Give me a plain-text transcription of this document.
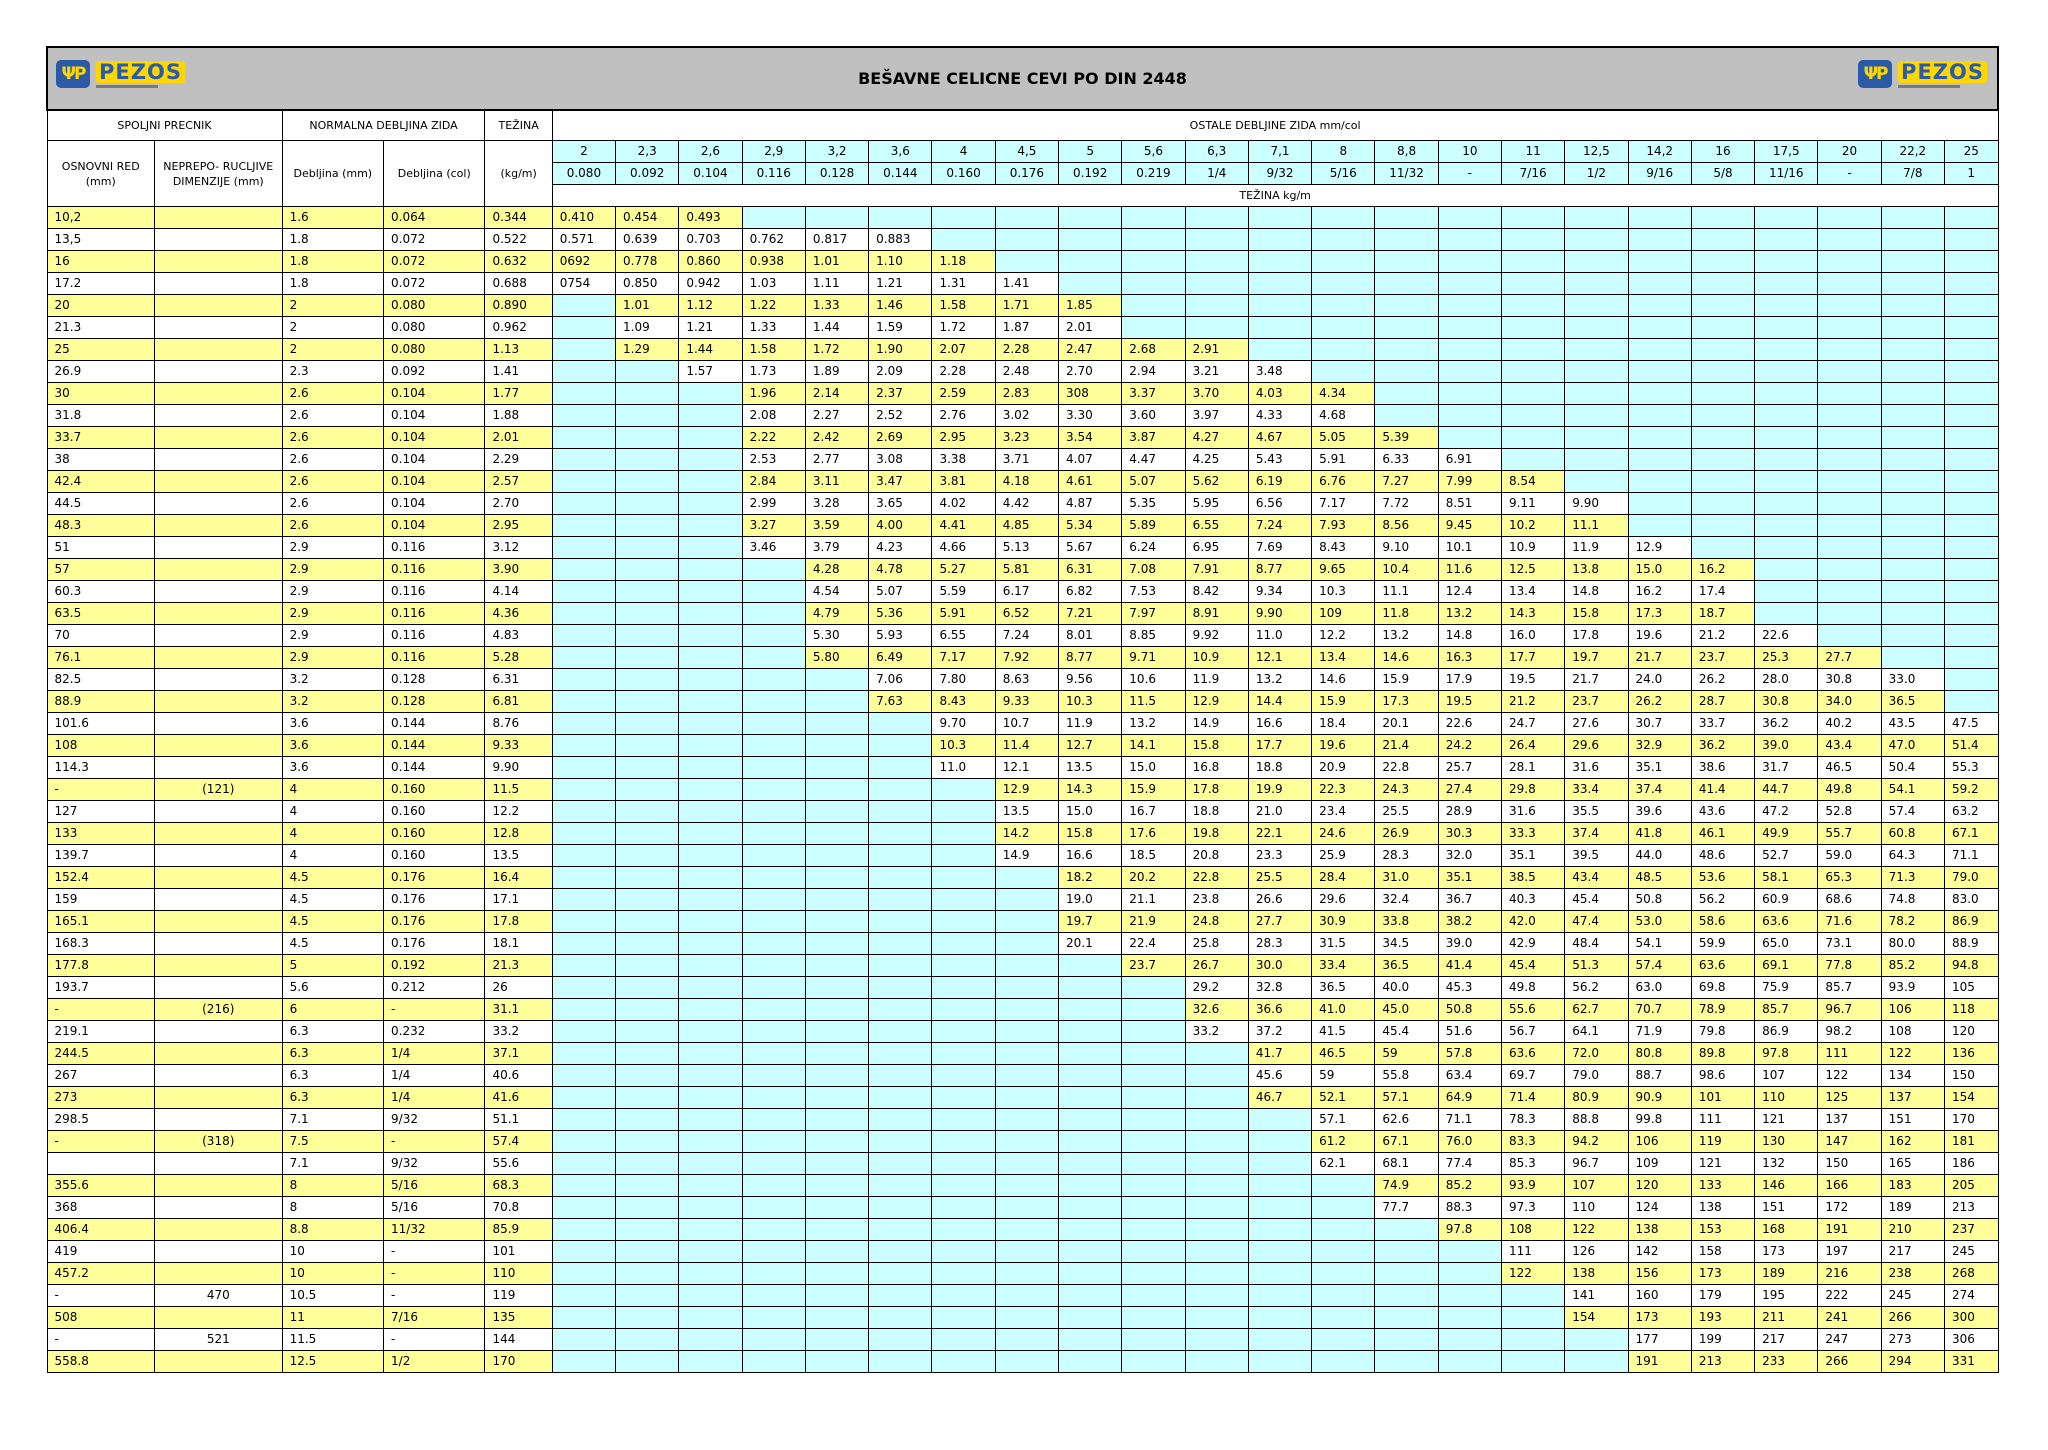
ΨP PEZOS BEŠAVNE CELICNE CEVI PO DIN 2448 ΨP PEZOS																											

SPOLJNI PRECNIK		NORMALNA DEBLJINA ZIDA		TEŽINA	OSTALE DEBLJINE ZIDA mm/col																						
OSNOVNI RED (mm)	NEPREPO- RUCLJIVE DIMENZIJE (mm)	Debljina (mm)	Debljina (col)	(kg/m)	2	2,3	2,6	2,9	3,2	3,6	4	4,5	5	5,6	6,3	7,1	8	8,8	10	11	12,5	14,2	16	17,5	20	22,2	25
					0.080	0.092	0.104	0.116	0.128	0.144	0.160	0.176	0.192	0.219	1/4	9/32	5/16	11/32	-	7/16	1/2	9/16	5/8	11/16	-	7/8	1
					TEŽINA kg/m																						
10,2		1.6	0.064	0.344	0.410	0.454	0.493																				
13,5		1.8	0.072	0.522	0.571	0.639	0.703	0.762	0.817	0.883																	
16		1.8	0.072	0.632	0692	0.778	0.860	0.938	1.01	1.10	1.18																
17.2		1.8	0.072	0.688	0754	0.850	0.942	1.03	1.11	1.21	1.31	1.41															
20		2	0.080	0.890		1.01	1.12	1.22	1.33	1.46	1.58	1.71	1.85														
21.3		2	0.080	0.962		1.09	1.21	1.33	1.44	1.59	1.72	1.87	2.01														
25		2	0.080	1.13		1.29	1.44	1.58	1.72	1.90	2.07	2.28	2.47	2.68	2.91												
26.9		2.3	0.092	1.41			1.57	1.73	1.89	2.09	2.28	2.48	2.70	2.94	3.21	3.48											
30		2.6	0.104	1.77				1.96	2.14	2.37	2.59	2.83	308	3.37	3.70	4.03	4.34										
31.8		2.6	0.104	1.88				2.08	2.27	2.52	2.76	3.02	3.30	3.60	3.97	4.33	4.68										
33.7		2.6	0.104	2.01				2.22	2.42	2.69	2.95	3.23	3.54	3.87	4.27	4.67	5.05	5.39									
38		2.6	0.104	2.29				2.53	2.77	3.08	3.38	3.71	4.07	4.47	4.25	5.43	5.91	6.33	6.91								
42.4		2.6	0.104	2.57				2.84	3.11	3.47	3.81	4.18	4.61	5.07	5.62	6.19	6.76	7.27	7.99	8.54							
44.5		2.6	0.104	2.70				2.99	3.28	3.65	4.02	4.42	4.87	5.35	5.95	6.56	7.17	7.72	8.51	9.11	9.90						
48.3		2.6	0.104	2.95				3.27	3.59	4.00	4.41	4.85	5.34	5.89	6.55	7.24	7.93	8.56	9.45	10.2	11.1						
51		2.9	0.116	3.12				3.46	3.79	4.23	4.66	5.13	5.67	6.24	6.95	7.69	8.43	9.10	10.1	10.9	11.9	12.9					
57		2.9	0.116	3.90					4.28	4.78	5.27	5.81	6.31	7.08	7.91	8.77	9.65	10.4	11.6	12.5	13.8	15.0	16.2				
60.3		2.9	0.116	4.14					4.54	5.07	5.59	6.17	6.82	7.53	8.42	9.34	10.3	11.1	12.4	13.4	14.8	16.2	17.4				
63.5		2.9	0.116	4.36					4.79	5.36	5.91	6.52	7.21	7.97	8.91	9.90	109	11.8	13.2	14.3	15.8	17.3	18.7				
70		2.9	0.116	4.83					5.30	5.93	6.55	7.24	8.01	8.85	9.92	11.0	12.2	13.2	14.8	16.0	17.8	19.6	21.2	22.6			
76.1		2.9	0.116	5.28					5.80	6.49	7.17	7.92	8.77	9.71	10.9	12.1	13.4	14.6	16.3	17.7	19.7	21.7	23.7	25.3	27.7		
82.5		3.2	0.128	6.31						7.06	7.80	8.63	9.56	10.6	11.9	13.2	14.6	15.9	17.9	19.5	21.7	24.0	26.2	28.0	30.8	33.0	
88.9		3.2	0.128	6.81						7.63	8.43	9.33	10.3	11.5	12.9	14.4	15.9	17.3	19.5	21.2	23.7	26.2	28.7	30.8	34.0	36.5	
101.6		3.6	0.144	8.76							9.70	10.7	11.9	13.2	14.9	16.6	18.4	20.1	22.6	24.7	27.6	30.7	33.7	36.2	40.2	43.5	47.5
108		3.6	0.144	9.33							10.3	11.4	12.7	14.1	15.8	17.7	19.6	21.4	24.2	26.4	29.6	32.9	36.2	39.0	43.4	47.0	51.4
114.3		3.6	0.144	9.90							11.0	12.1	13.5	15.0	16.8	18.8	20.9	22.8	25.7	28.1	31.6	35.1	38.6	31.7	46.5	50.4	55.3
-	(121)	4	0.160	11.5								12.9	14.3	15.9	17.8	19.9	22.3	24.3	27.4	29.8	33.4	37.4	41.4	44.7	49.8	54.1	59.2
127		4	0.160	12.2								13.5	15.0	16.7	18.8	21.0	23.4	25.5	28.9	31.6	35.5	39.6	43.6	47.2	52.8	57.4	63.2
133		4	0.160	12.8								14.2	15.8	17.6	19.8	22.1	24.6	26.9	30.3	33.3	37.4	41.8	46.1	49.9	55.7	60.8	67.1
139.7		4	0.160	13.5								14.9	16.6	18.5	20.8	23.3	25.9	28.3	32.0	35.1	39.5	44.0	48.6	52.7	59.0	64.3	71.1
152.4		4.5	0.176	16.4									18.2	20.2	22.8	25.5	28.4	31.0	35.1	38.5	43.4	48.5	53.6	58.1	65.3	71.3	79.0
159		4.5	0.176	17.1									19.0	21.1	23.8	26.6	29.6	32.4	36.7	40.3	45.4	50.8	56.2	60.9	68.6	74.8	83.0
165.1		4.5	0.176	17.8									19.7	21.9	24.8	27.7	30.9	33.8	38.2	42.0	47.4	53.0	58.6	63.6	71.6	78.2	86.9
168.3		4.5	0.176	18.1									20.1	22.4	25.8	28.3	31.5	34.5	39.0	42.9	48.4	54.1	59.9	65.0	73.1	80.0	88.9
177.8		5	0.192	21.3										23.7	26.7	30.0	33.4	36.5	41.4	45.4	51.3	57.4	63.6	69.1	77.8	85.2	94.8
193.7		5.6	0.212	26											29.2	32.8	36.5	40.0	45.3	49.8	56.2	63.0	69.8	75.9	85.7	93.9	105
-	(216)	6	-	31.1											32.6	36.6	41.0	45.0	50.8	55.6	62.7	70.7	78.9	85.7	96.7	106	118
219.1		6.3	0.232	33.2											33.2	37.2	41.5	45.4	51.6	56.7	64.1	71.9	79.8	86.9	98.2	108	120
244.5		6.3	1/4	37.1												41.7	46.5	59	57.8	63.6	72.0	80.8	89.8	97.8	111	122	136
267		6.3	1/4	40.6												45.6	59	55.8	63.4	69.7	79.0	88.7	98.6	107	122	134	150
273		6.3	1/4	41.6												46.7	52.1	57.1	64.9	71.4	80.9	90.9	101	110	125	137	154
298.5		7.1	9/32	51.1													57.1	62.6	71.1	78.3	88.8	99.8	111	121	137	151	170
-	(318)	7.5	-	57.4													61.2	67.1	76.0	83.3	94.2	106	119	130	147	162	181
		7.1	9/32	55.6													62.1	68.1	77.4	85.3	96.7	109	121	132	150	165	186
355.6		8	5/16	68.3														74.9	85.2	93.9	107	120	133	146	166	183	205
368		8	5/16	70.8														77.7	88.3	97.3	110	124	138	151	172	189	213
406.4		8.8	11/32	85.9															97.8	108	122	138	153	168	191	210	237
419		10	-	101																111	126	142	158	173	197	217	245
457.2		10	-	110																122	138	156	173	189	216	238	268
-	470	10.5	-	119																	141	160	179	195	222	245	274
508		11	7/16	135																	154	173	193	211	241	266	300
-	521	11.5	-	144																		177	199	217	247	273	306
558.8		12.5	1/2	170																		191	213	233	266	294	331
